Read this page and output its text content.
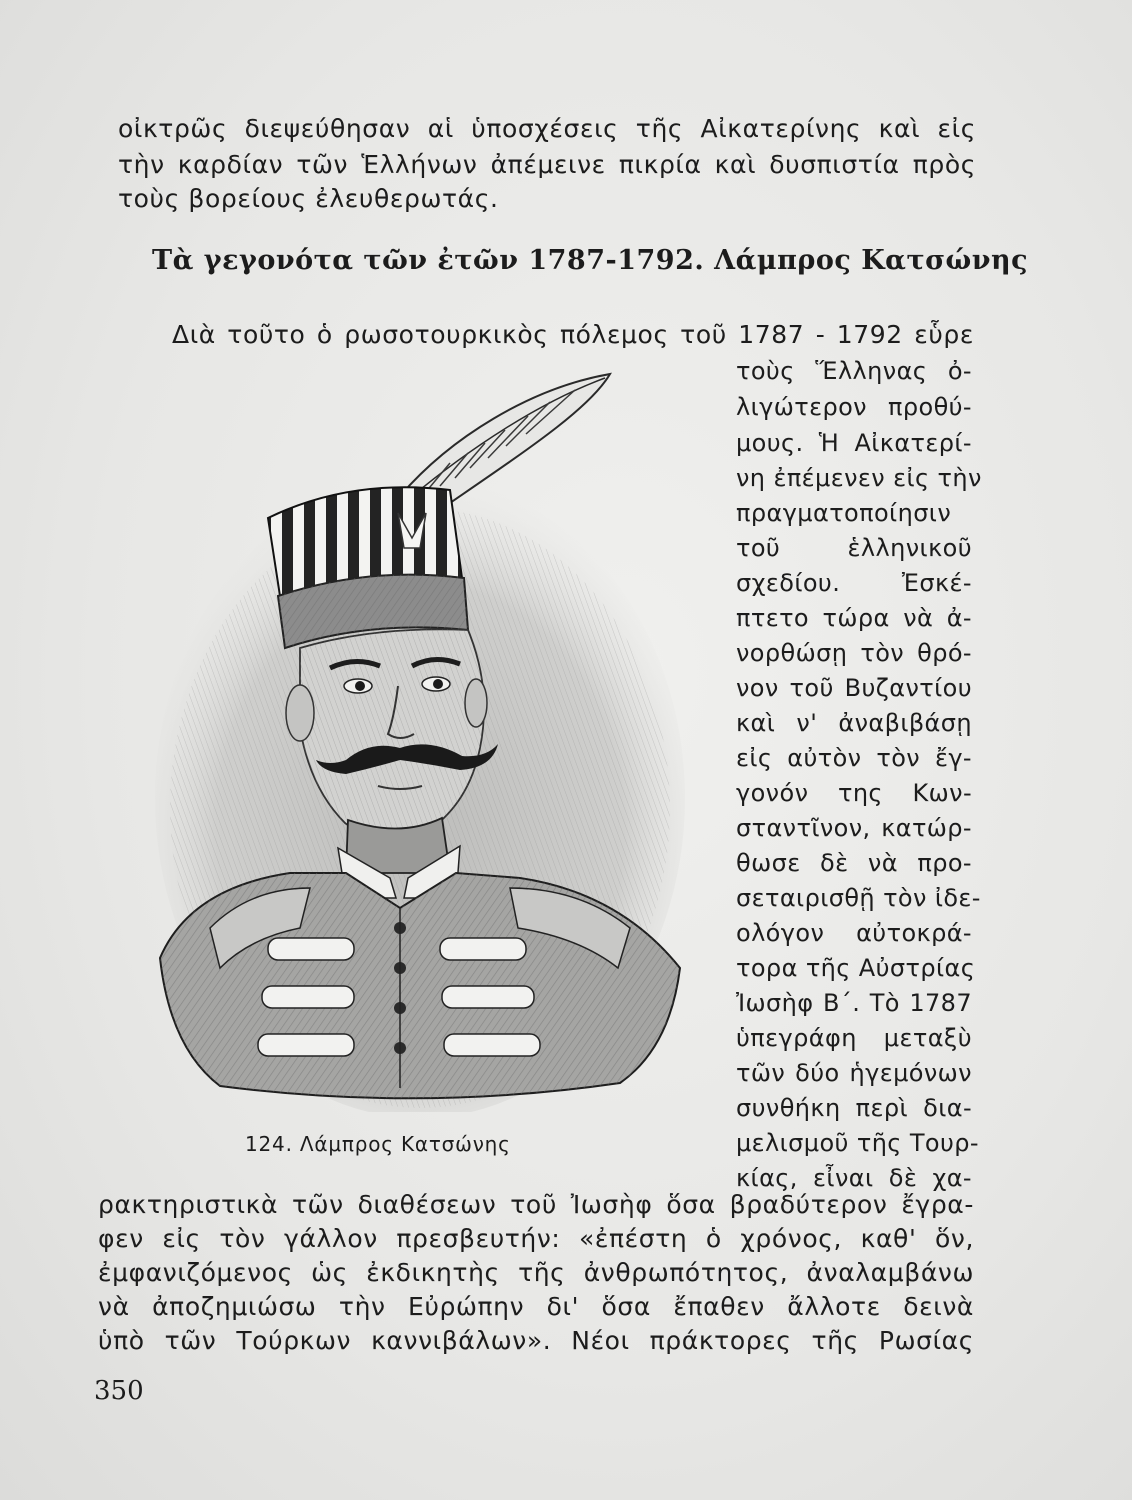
οἰκτρῶς διεψεύθησαν αἱ ὑποσχέσεις τῆς Αἰκατερίνης καὶ εἰς
τὴν καρδίαν τῶν Ἑλλήνων ἀπέμεινε πικρία καὶ δυσπιστία πρὸς
τοὺς βορείους ἐλευθερωτάς.
Τὰ γεγονότα τῶν ἐτῶν 1787-1792. Λάμπρος Κατσώνης
Διὰ τοῦτο ὁ ρωσοτουρκικὸς πόλεμος τοῦ 1787 - 1792 εὗρε
124. Λάμπρος Κατσώνης
τοὺς Ἕλληνας ὀ-
λιγώτερον προθύ-
μους. Ἡ Αἰκατερί-
νη ἐπέμενεν εἰς τὴν
πραγματοποίησιν
τοῦ ἑλληνικοῦ
σχεδίου. Ἐσκέ-
πτετο τώρα νὰ ἀ-
νορθώσῃ τὸν θρό-
νον τοῦ Βυζαντίου
καὶ ν' ἀναβιβάσῃ
εἰς αὐτὸν τὸν ἔγ-
γονόν της Κων-
σταντῖνον, κατώρ-
θωσε δὲ νὰ προ-
σεταιρισθῇ τὸν ἰδε-
ολόγον αὐτοκρά-
τορα τῆς Αὐστρίας
Ἰωσὴφ Β΄. Τὸ 1787
ὑπεγράφη μεταξὺ
τῶν δύο ἡγεμόνων
συνθήκη περὶ δια-
μελισμοῦ τῆς Τουρ-
κίας, εἶναι δὲ χα-
ρακτηριστικὰ τῶν διαθέσεων τοῦ Ἰωσὴφ ὅσα βραδύτερον ἔγρα-
φεν εἰς τὸν γάλλον πρεσβευτήν: «ἐπέστη ὁ χρόνος, καθ' ὅν,
ἐμφανιζόμενος ὡς ἐκδικητὴς τῆς ἀνθρωπότητος, ἀναλαμβάνω
νὰ ἀποζημιώσω τὴν Εὐρώπην δι' ὅσα ἔπαθεν ἄλλοτε δεινὰ
ὑπὸ τῶν Τούρκων καννιβάλων». Νέοι πράκτορες τῆς Ρωσίας
350
